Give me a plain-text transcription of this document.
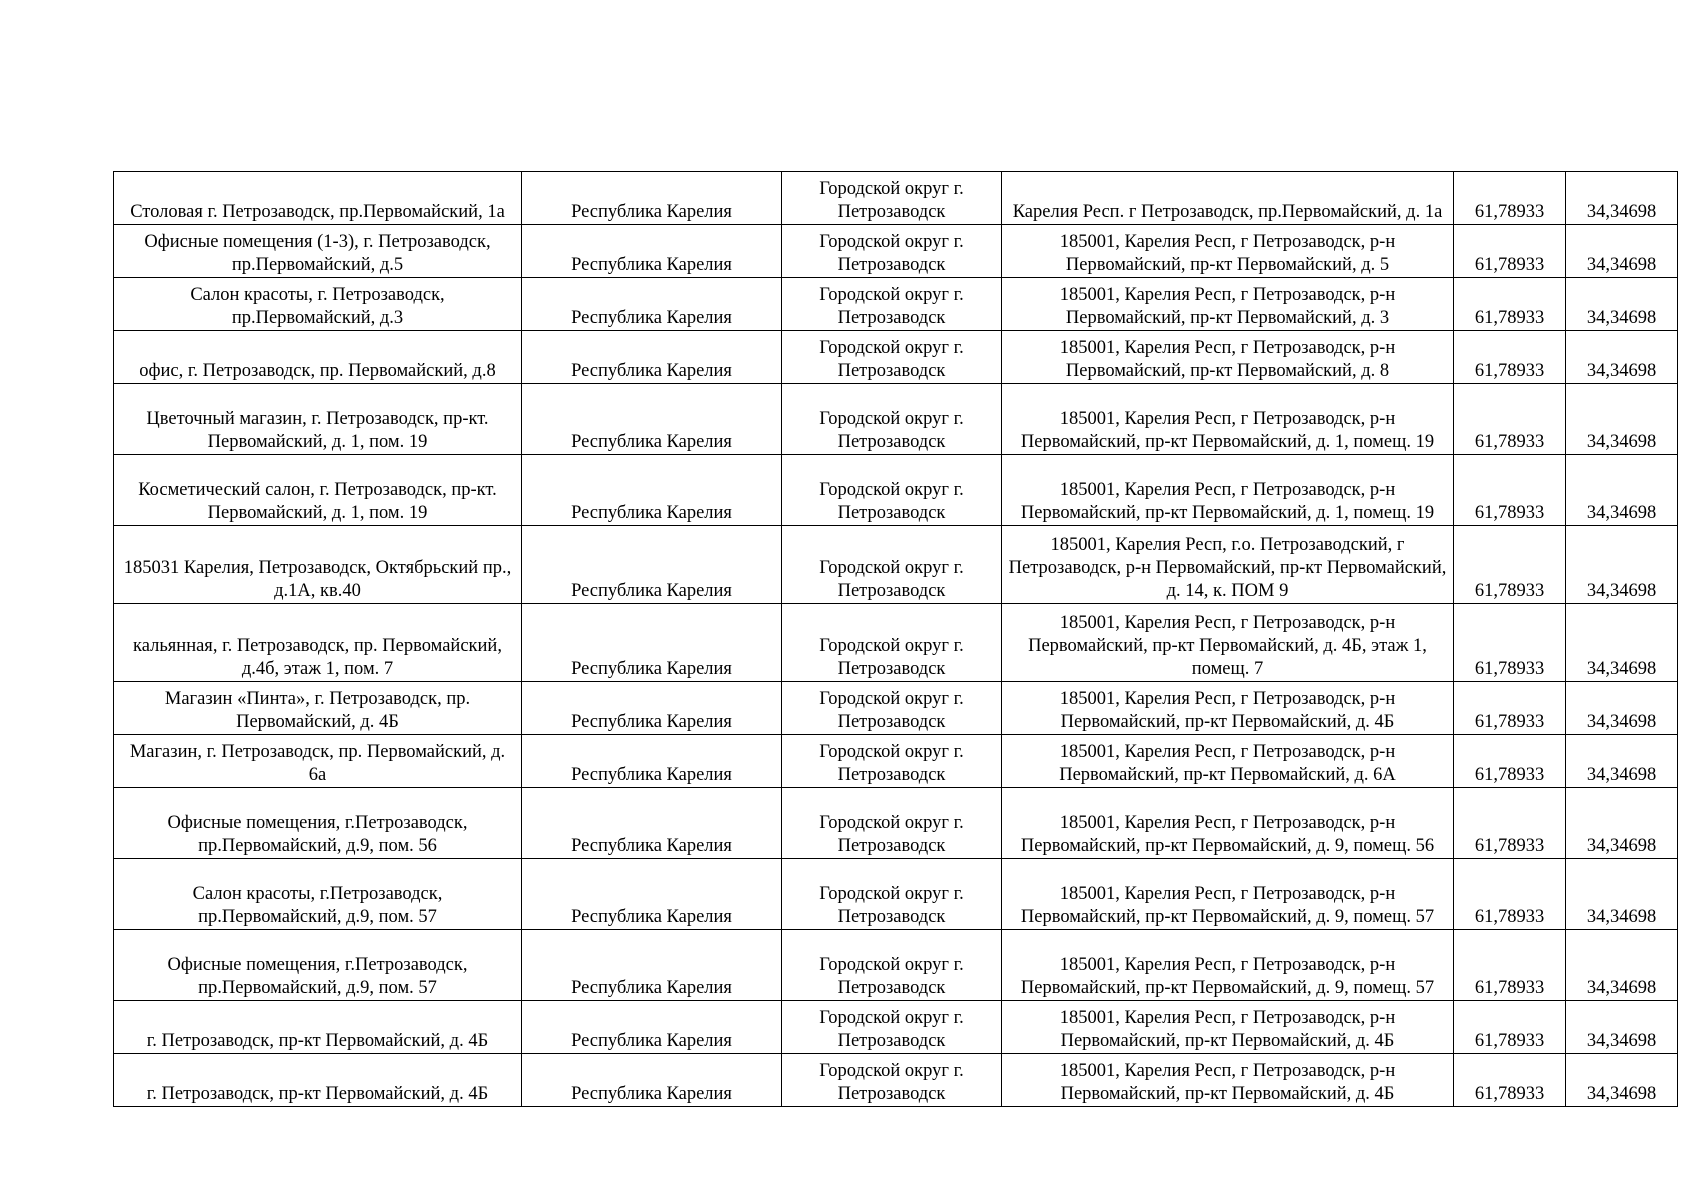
Столовая г. Петрозаводск, пр.Первомайский, 1а	Республика Карелия	Городской округ г. Петрозаводск	Карелия Респ. г Петрозаводск, пр.Первомайский, д. 1а	61,78933	34,34698
Офисные помещения (1-3), г. Петрозаводск, пр.Первомайский, д.5	Республика Карелия	Городской округ г. Петрозаводск	185001, Карелия Респ, г Петрозаводск, р-н Первомайский, пр-кт Первомайский, д. 5	61,78933	34,34698
Салон красоты, г. Петрозаводск, пр.Первомайский, д.3	Республика Карелия	Городской округ г. Петрозаводск	185001, Карелия Респ, г Петрозаводск, р-н Первомайский, пр-кт Первомайский, д. 3	61,78933	34,34698
офис, г. Петрозаводск, пр. Первомайский, д.8	Республика Карелия	Городской округ г. Петрозаводск	185001, Карелия Респ, г Петрозаводск, р-н Первомайский, пр-кт Первомайский, д. 8	61,78933	34,34698
Цветочный магазин, г. Петрозаводск, пр-кт. Первомайский, д. 1, пом. 19	Республика Карелия	Городской округ г. Петрозаводск	185001, Карелия Респ, г Петрозаводск, р-н Первомайский, пр-кт Первомайский, д. 1, помещ. 19	61,78933	34,34698
Косметический салон, г. Петрозаводск, пр-кт. Первомайский, д. 1, пом. 19	Республика Карелия	Городской округ г. Петрозаводск	185001, Карелия Респ, г Петрозаводск, р-н Первомайский, пр-кт Первомайский, д. 1, помещ. 19	61,78933	34,34698
185031 Карелия, Петрозаводск, Октябрьский пр., д.1А, кв.40	Республика Карелия	Городской округ г. Петрозаводск	185001, Карелия Респ, г.о. Петрозаводский, г Петрозаводск, р-н Первомайский, пр-кт Первомайский, д. 14, к. ПОМ 9	61,78933	34,34698
кальянная, г. Петрозаводск, пр. Первомайский, д.4б, этаж 1, пом. 7	Республика Карелия	Городской округ г. Петрозаводск	185001, Карелия Респ, г Петрозаводск, р-н Первомайский, пр-кт Первомайский, д. 4Б, этаж 1, помещ. 7	61,78933	34,34698
Магазин «Пинта», г. Петрозаводск, пр. Первомайский, д. 4Б	Республика Карелия	Городской округ г. Петрозаводск	185001, Карелия Респ, г Петрозаводск, р-н Первомайский, пр-кт Первомайский, д. 4Б	61,78933	34,34698
Магазин, г. Петрозаводск, пр. Первомайский, д. 6а	Республика Карелия	Городской округ г. Петрозаводск	185001, Карелия Респ, г Петрозаводск, р-н Первомайский, пр-кт Первомайский, д. 6А	61,78933	34,34698
Офисные помещения, г.Петрозаводск, пр.Первомайский, д.9, пом. 56	Республика Карелия	Городской округ г. Петрозаводск	185001, Карелия Респ, г Петрозаводск, р-н Первомайский, пр-кт Первомайский, д. 9, помещ. 56	61,78933	34,34698
Салон красоты, г.Петрозаводск, пр.Первомайский, д.9, пом. 57	Республика Карелия	Городской округ г. Петрозаводск	185001, Карелия Респ, г Петрозаводск, р-н Первомайский, пр-кт Первомайский, д. 9, помещ. 57	61,78933	34,34698
Офисные помещения, г.Петрозаводск, пр.Первомайский, д.9, пом. 57	Республика Карелия	Городской округ г. Петрозаводск	185001, Карелия Респ, г Петрозаводск, р-н Первомайский, пр-кт Первомайский, д. 9, помещ. 57	61,78933	34,34698
г. Петрозаводск, пр-кт Первомайский, д. 4Б	Республика Карелия	Городской округ г. Петрозаводск	185001, Карелия Респ, г Петрозаводск, р-н Первомайский, пр-кт Первомайский, д. 4Б	61,78933	34,34698
г. Петрозаводск, пр-кт Первомайский, д. 4Б	Республика Карелия	Городской округ г. Петрозаводск	185001, Карелия Респ, г Петрозаводск, р-н Первомайский, пр-кт Первомайский, д. 4Б	61,78933	34,34698
